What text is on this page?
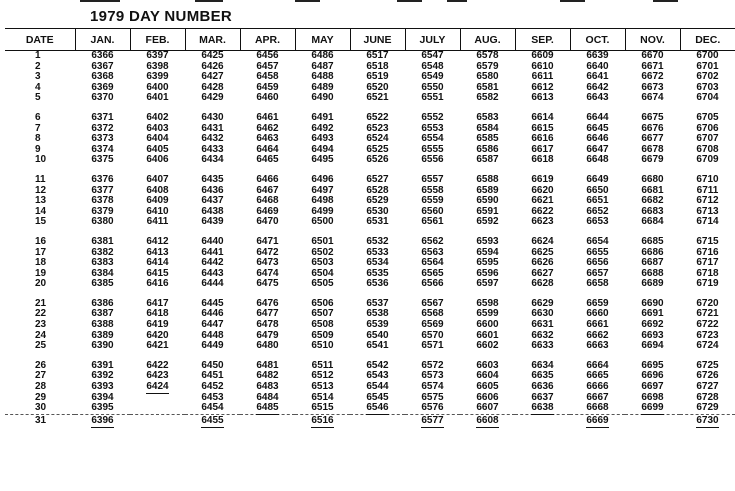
1979 DAY NUMBER
DATE	JAN.	FEB.	MAR.	APR.	MAY	JUNE	JULY	AUG.	SEP.	OCT.	NOV.	DEC.
1	6366	6397	6425	6456	6486	6517	6547	6578	6609	6639	6670	6700
2	6367	6398	6426	6457	6487	6518	6548	6579	6610	6640	6671	6701
3	6368	6399	6427	6458	6488	6519	6549	6580	6611	6641	6672	6702
4	6369	6400	6428	6459	6489	6520	6550	6581	6612	6642	6673	6703
5	6370	6401	6429	6460	6490	6521	6551	6582	6613	6643	6674	6704

6	6371	6402	6430	6461	6491	6522	6552	6583	6614	6644	6675	6705
7	6372	6403	6431	6462	6492	6523	6553	6584	6615	6645	6676	6706
8	6373	6404	6432	6463	6493	6524	6554	6585	6616	6646	6677	6707
9	6374	6405	6433	6464	6494	6525	6555	6586	6617	6647	6678	6708
10	6375	6406	6434	6465	6495	6526	6556	6587	6618	6648	6679	6709

11	6376	6407	6435	6466	6496	6527	6557	6588	6619	6649	6680	6710
12	6377	6408	6436	6467	6497	6528	6558	6589	6620	6650	6681	6711
13	6378	6409	6437	6468	6498	6529	6559	6590	6621	6651	6682	6712
14	6379	6410	6438	6469	6499	6530	6560	6591	6622	6652	6683	6713
15	6380	6411	6439	6470	6500	6531	6561	6592	6623	6653	6684	6714

16	6381	6412	6440	6471	6501	6532	6562	6593	6624	6654	6685	6715
17	6382	6413	6441	6472	6502	6533	6563	6594	6625	6655	6686	6716
18	6383	6414	6442	6473	6503	6534	6564	6595	6626	6656	6687	6717
19	6384	6415	6443	6474	6504	6535	6565	6596	6627	6657	6688	6718
20	6385	6416	6444	6475	6505	6536	6566	6597	6628	6658	6689	6719

21	6386	6417	6445	6476	6506	6537	6567	6598	6629	6659	6690	6720
22	6387	6418	6446	6477	6507	6538	6568	6599	6630	6660	6691	6721
23	6388	6419	6447	6478	6508	6539	6569	6600	6631	6661	6692	6722
24	6389	6420	6448	6479	6509	6540	6570	6601	6632	6662	6693	6723
25	6390	6421	6449	6480	6510	6541	6571	6602	6633	6663	6694	6724

26	6391	6422	6450	6481	6511	6542	6572	6603	6634	6664	6695	6725
27	6392	6423	6451	6482	6512	6543	6573	6604	6635	6665	6696	6726
28	6393	6424	6452	6483	6513	6544	6574	6605	6636	6666	6697	6727
29	6394		6453	6484	6514	6545	6575	6606	6637	6667	6698	6728
30	6395		6454	6485	6515	6546	6576	6607	6638	6668	6699	6729

31	6396		6455		6516		6577	6608		6669		6730
